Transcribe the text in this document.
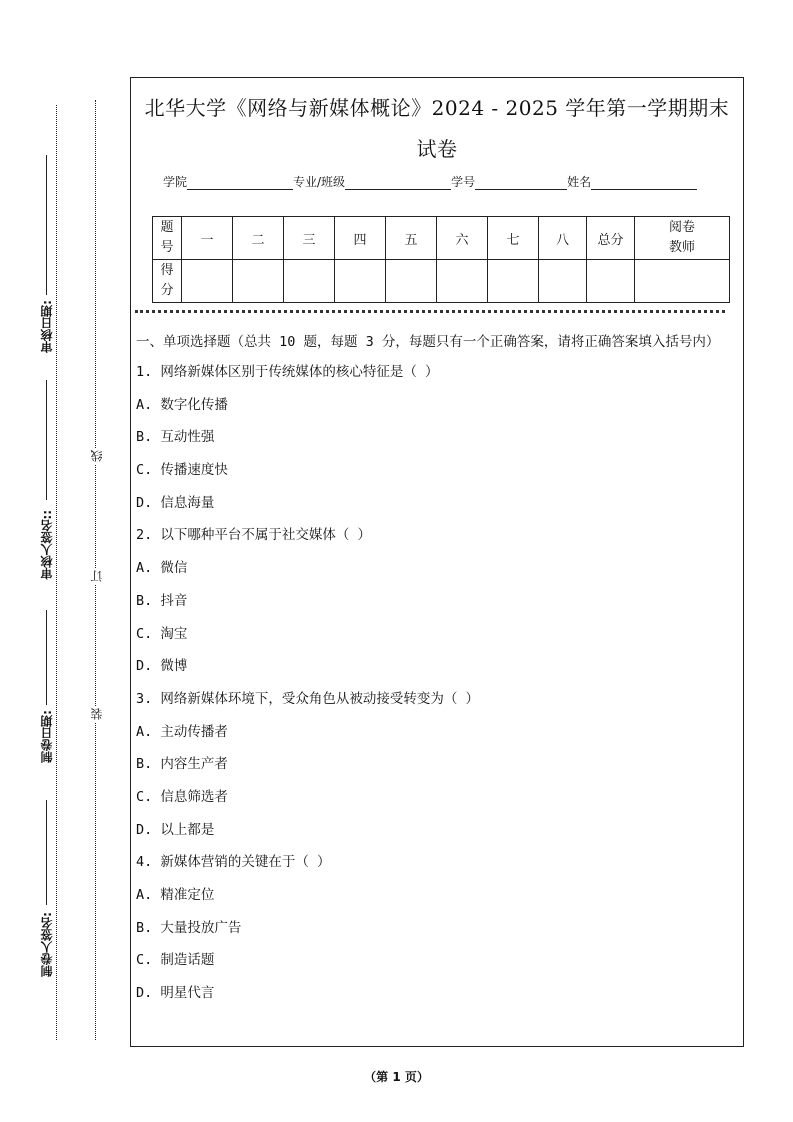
审核日期:
审核人签名::
制卷日期:
制卷人签名:
线
订
装
北华大学《网络与新媒体概论》2024 - 2025 学年第一学期期末试卷
学院	专业/班级	学号	姓名
题号	一	二	三	四	五	六	七	八	总分	阅卷教师
得分										
一、单项选择题（总共 10 题，每题 3 分，每题只有一个正确答案，请将正确答案填入括号内）
1. 网络新媒体区别于传统媒体的核心特征是（ ）
A. 数字化传播
B. 互动性强
C. 传播速度快
D. 信息海量
2. 以下哪种平台不属于社交媒体（ ）
A. 微信
B. 抖音
C. 淘宝
D. 微博
3. 网络新媒体环境下，受众角色从被动接受转变为（ ）
A. 主动传播者
B. 内容生产者
C. 信息筛选者
D. 以上都是
4. 新媒体营销的关键在于（ ）
A. 精准定位
B. 大量投放广告
C. 制造话题
D. 明星代言
（第 1 页）
